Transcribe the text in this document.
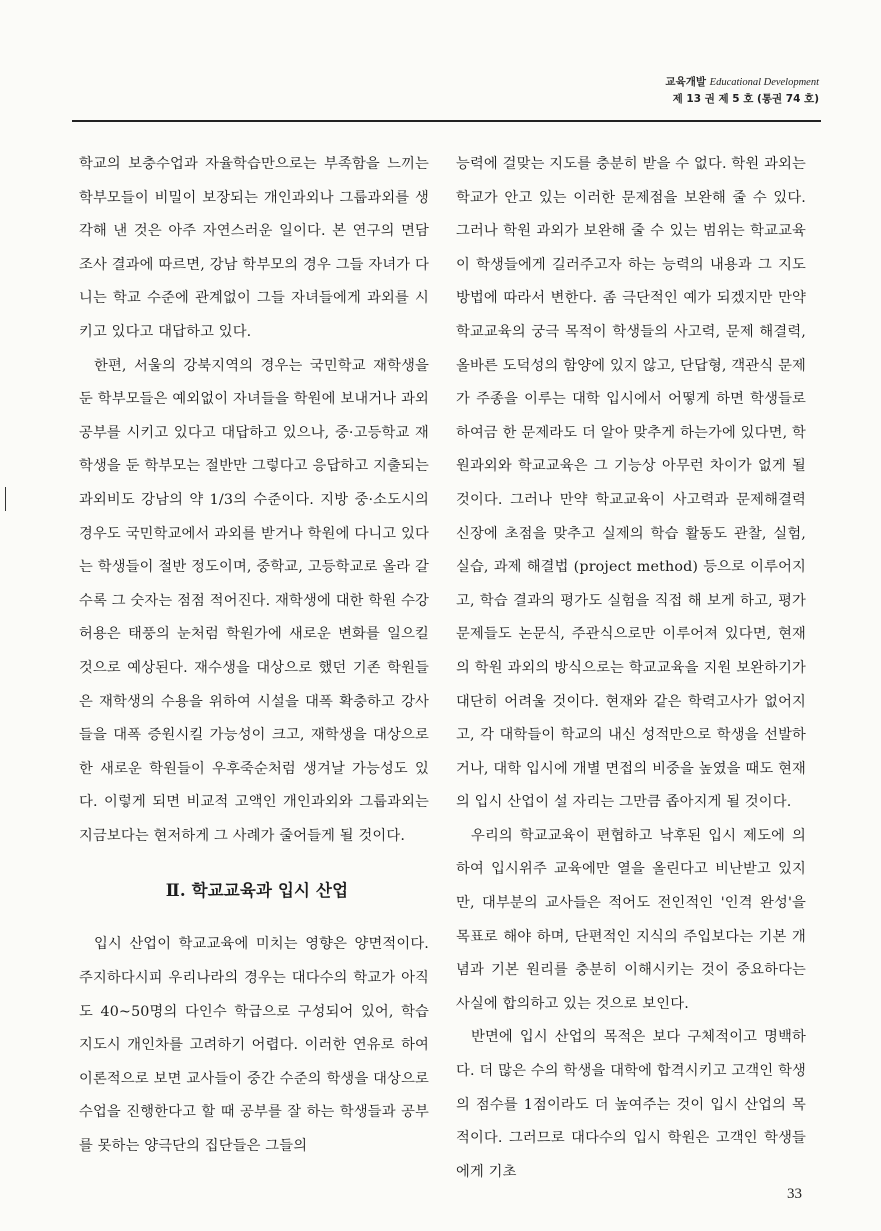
교육개발 Educational Development
제 13 권 제 5 호 (통권 74 호)

학교의 보충수업과 자율학습만으로는 부족함을 느끼는 학부모들이 비밀이 보장되는 개인과외나 그룹과외를 생각해 낸 것은 아주 자연스러운 일이다. 본 연구의 면담 조사 결과에 따르면, 강남 학부모의 경우 그들 자녀가 다니는 학교 수준에 관계없이 그들 자녀들에게 과외를 시키고 있다고 대답하고 있다.

한편, 서울의 강북지역의 경우는 국민학교 재학생을 둔 학부모들은 예외없이 자녀들을 학원에 보내거나 과외 공부를 시키고 있다고 대답하고 있으나, 중·고등학교 재학생을 둔 학부모는 절반만 그렇다고 응답하고 지출되는 과외비도 강남의 약 1/3의 수준이다. 지방 중·소도시의 경우도 국민학교에서 과외를 받거나 학원에 다니고 있다는 학생들이 절반 정도이며, 중학교, 고등학교로 올라 갈수록 그 숫자는 점점 적어진다. 재학생에 대한 학원 수강 허용은 태풍의 눈처럼 학원가에 새로운 변화를 일으킬 것으로 예상된다. 재수생을 대상으로 했던 기존 학원들은 재학생의 수용을 위하여 시설을 대폭 확충하고 강사들을 대폭 증원시킬 가능성이 크고, 재학생을 대상으로 한 새로운 학원들이 우후죽순처럼 생겨날 가능성도 있다. 이렇게 되면 비교적 고액인 개인과외와 그룹과외는 지금보다는 현저하게 그 사례가 줄어들게 될 것이다.

Ⅱ. 학교교육과 입시 산업

입시 산업이 학교교육에 미치는 영향은 양면적이다. 주지하다시피 우리나라의 경우는 대다수의 학교가 아직도 40~50명의 다인수 학급으로 구성되어 있어, 학습 지도시 개인차를 고려하기 어렵다. 이러한 연유로 하여 이론적으로 보면 교사들이 중간 수준의 학생을 대상으로 수업을 진행한다고 할 때 공부를 잘 하는 학생들과 공부를 못하는 양극단의 집단들은 그들의

능력에 걸맞는 지도를 충분히 받을 수 없다. 학원 과외는 학교가 안고 있는 이러한 문제점을 보완해 줄 수 있다. 그러나 학원 과외가 보완해 줄 수 있는 범위는 학교교육이 학생들에게 길러주고자 하는 능력의 내용과 그 지도 방법에 따라서 변한다. 좀 극단적인 예가 되겠지만 만약 학교교육의 궁극 목적이 학생들의 사고력, 문제 해결력, 올바른 도덕성의 함양에 있지 않고, 단답형, 객관식 문제가 주종을 이루는 대학 입시에서 어떻게 하면 학생들로 하여금 한 문제라도 더 알아 맞추게 하는가에 있다면, 학원과외와 학교교육은 그 기능상 아무런 차이가 없게 될 것이다. 그러나 만약 학교교육이 사고력과 문제해결력 신장에 초점을 맞추고 실제의 학습 활동도 관찰, 실험, 실습, 과제 해결법 (project method) 등으로 이루어지고, 학습 결과의 평가도 실험을 직접 해 보게 하고, 평가 문제들도 논문식, 주관식으로만 이루어져 있다면, 현재의 학원 과외의 방식으로는 학교교육을 지원 보완하기가 대단히 어려울 것이다. 현재와 같은 학력고사가 없어지고, 각 대학들이 학교의 내신 성적만으로 학생을 선발하거나, 대학 입시에 개별 면접의 비중을 높였을 때도 현재의 입시 산업이 설 자리는 그만큼 좁아지게 될 것이다.

우리의 학교교육이 편협하고 낙후된 입시 제도에 의하여 입시위주 교육에만 열을 올린다고 비난받고 있지만, 대부분의 교사들은 적어도 전인적인 '인격 완성'을 목표로 해야 하며, 단편적인 지식의 주입보다는 기본 개념과 기본 원리를 충분히 이해시키는 것이 중요하다는 사실에 합의하고 있는 것으로 보인다.

반면에 입시 산업의 목적은 보다 구체적이고 명백하다. 더 많은 수의 학생을 대학에 합격시키고 고객인 학생의 점수를 1점이라도 더 높여주는 것이 입시 산업의 목적이다. 그러므로 대다수의 입시 학원은 고객인 학생들에게 기초

33
